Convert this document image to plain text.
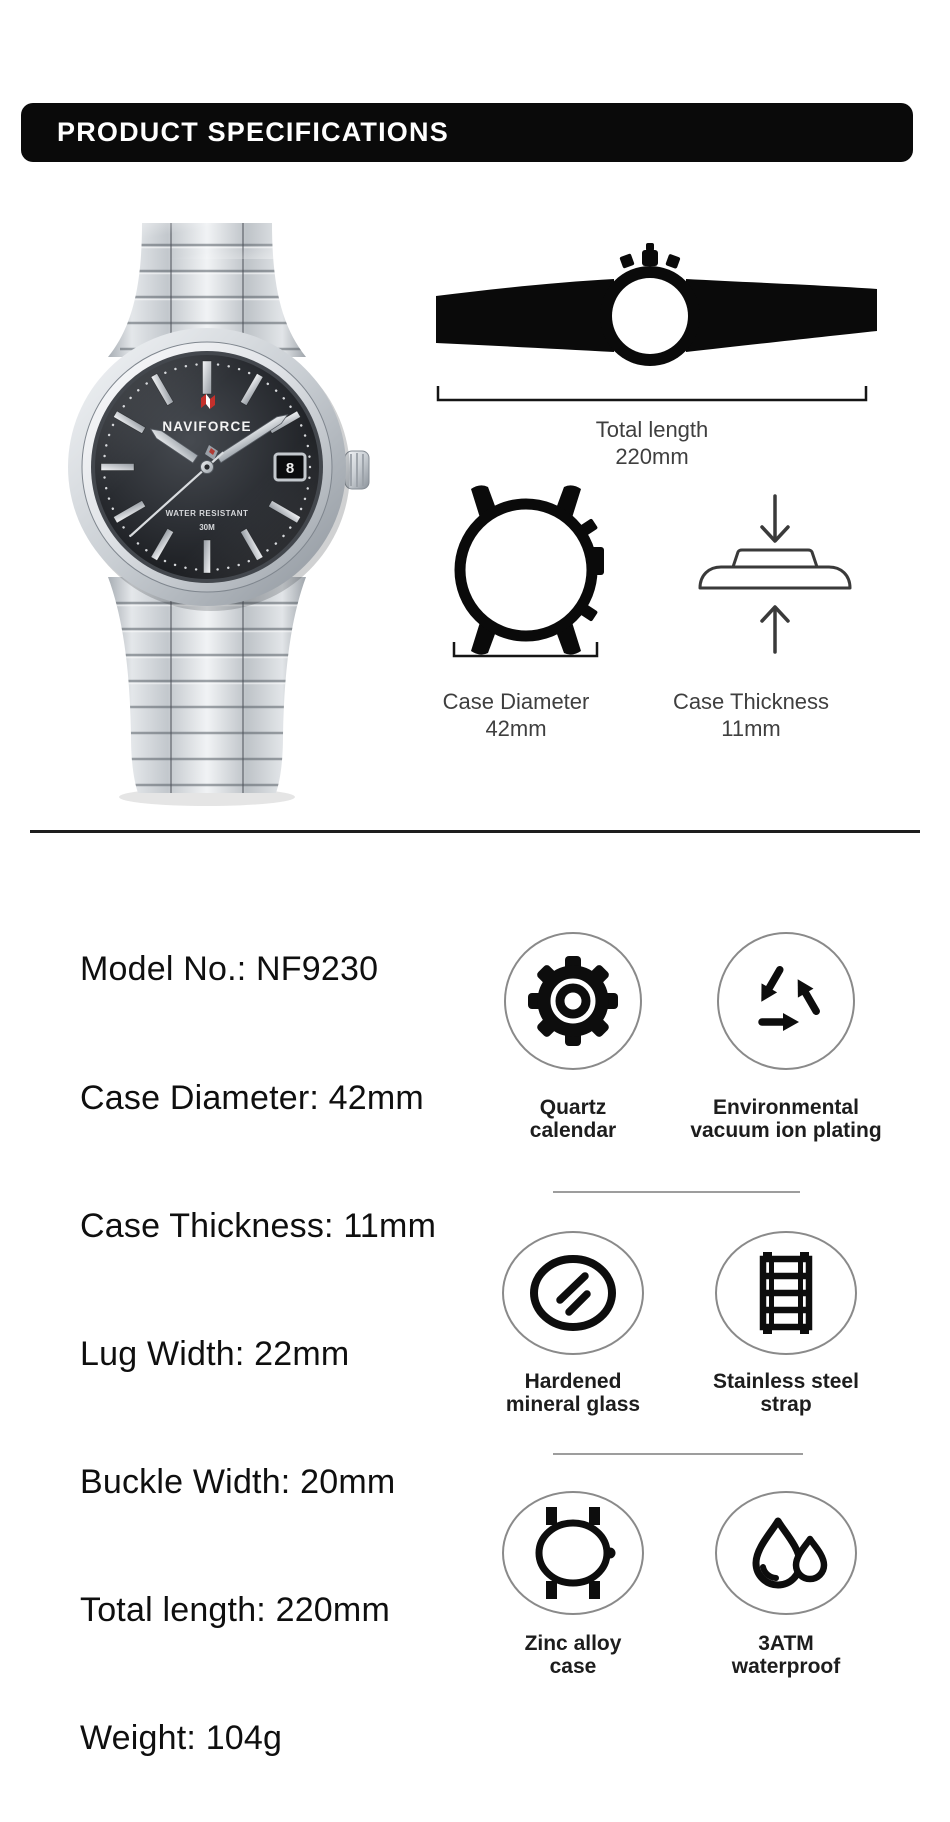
PRODUCT SPECIFICATIONS
8
NAVIFORCE
WATER RESISTANT
30M
Total length
220mm
Case Diameter
42mm
Case Thickness
11mm
Model No.: NF9230
Case Diameter: 42mm
Case Thickness: 11mm
Lug Width: 22mm
Buckle Width: 20mm
Total length: 220mm
Weight: 104g
Quartz
calendar
Environmental
vacuum ion plating
Hardened
mineral glass
Stainless steel
strap
Zinc alloy
case
3ATM
waterproof
